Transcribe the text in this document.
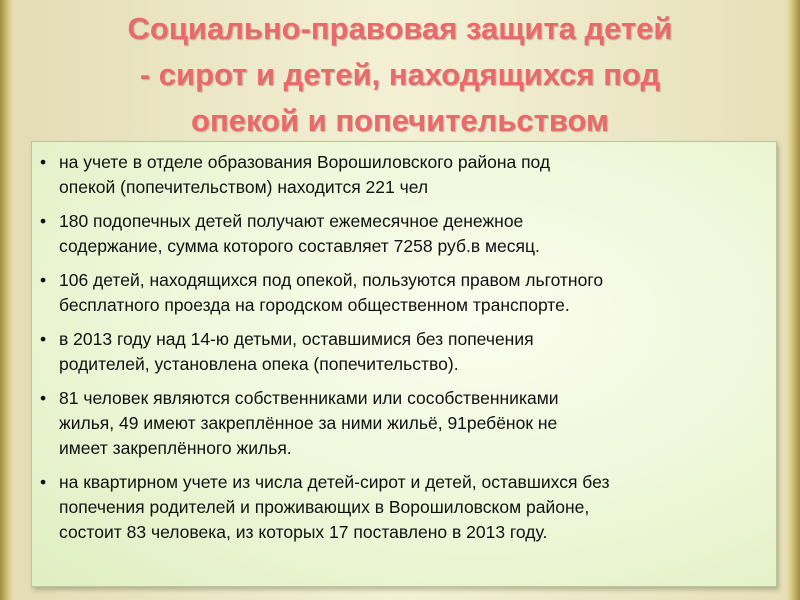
Социально-правовая защита детей
- сирот и детей, находящихся под
опекой и попечительством
• на учете в отделе образования Ворошиловского района под
опекой (попечительством) находится 221 чел
• 180 подопечных детей получают ежемесячное денежное
содержание, сумма которого составляет 7258 руб.в месяц.
• 106 детей, находящихся под опекой, пользуются правом льготного
бесплатного проезда на городском общественном транспорте.
• в 2013 году над 14-ю детьми, оставшимися без попечения
родителей, установлена опека (попечительство).
• 81 человек являются собственниками или сособственниками
жилья, 49 имеют закреплённое за ними жильё, 91ребёнок не
имеет закреплённого жилья.
• на квартирном учете из числа детей-сирот и детей, оставшихся без
попечения родителей и проживающих в Ворошиловском районе,
состоит 83 человека, из которых 17 поставлено в 2013 году.
